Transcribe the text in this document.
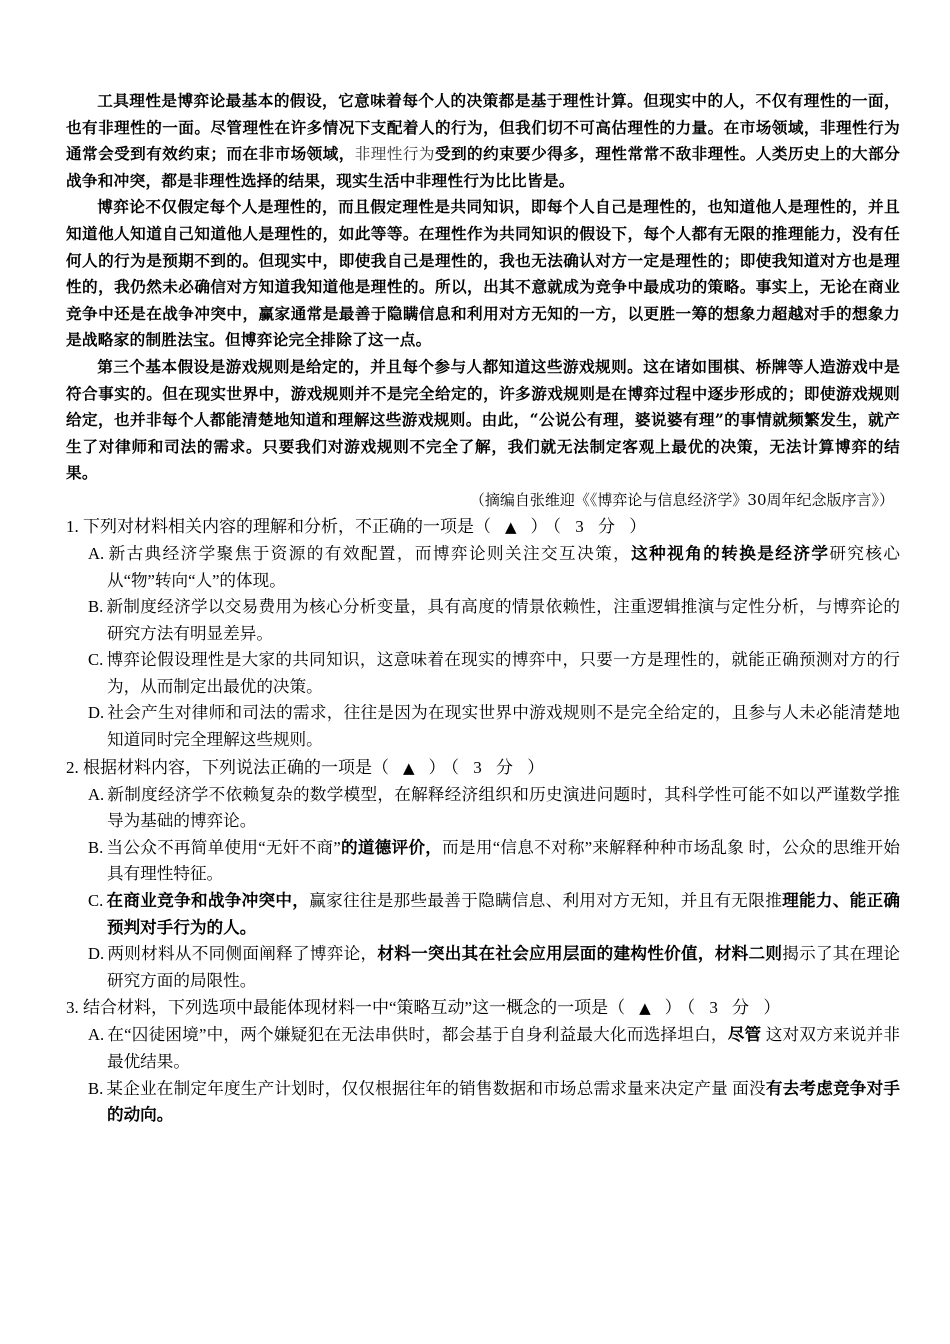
工具理性是博弈论最基本的假设，它意味着每个人的决策都是基于理性计算。但现实中的人，不仅有理性的一面，也有非理性的一面。尽管理性在许多情况下支配着人的行为，但我们切不可高估理性的力量。在市场领域，非理性行为通常会受到有效约束；而在非市场领域，非理性行为受到的约束要少得多，理性常常不敌非理性。人类历史上的大部分战争和冲突，都是非理性选择的结果，现实生活中非理性行为比比皆是。

博弈论不仅假定每个人是理性的，而且假定理性是共同知识，即每个人自己是理性的，也知道他人是理性的，并且知道他人知道自己知道他人是理性的，如此等等。在理性作为共同知识的假设下，每个人都有无限的推理能力，没有任何人的行为是预期不到的。但现实中，即使我自己是理性的，我也无法确认对方一定是理性的；即使我知道对方也是理性的，我仍然未必确信对方知道我知道他是理性的。所以，出其不意就成为竞争中最成功的策略。事实上，无论在商业竞争中还是在战争冲突中，赢家通常是最善于隐瞒信息和利用对方无知的一方，以更胜一筹的想象力超越对手的想象力是战略家的制胜法宝。但博弈论完全排除了这一点。

第三个基本假设是游戏规则是给定的，并且每个参与人都知道这些游戏规则。这在诸如围棋、桥牌等人造游戏中是符合事实的。但在现实世界中，游戏规则并不是完全给定的，许多游戏规则是在博弈过程中逐步形成的；即使游戏规则给定，也并非每个人都能清楚地知道和理解这些游戏规则。由此，“公说公有理，婆说婆有理”的事情就频繁发生，就产生了对律师和司法的需求。只要我们对游戏规则不完全了解，我们就无法制定客观上最优的决策，无法计算博弈的结果。

（摘编自张维迎《《博弈论与信息经济学》30周年纪念版序言》）

1. 下列对材料相关内容的理解和分析，不正确的一项是（ ▲ ）（ 3 分 ）

A. 新古典经济学聚焦于资源的有效配置，而博弈论则关注交互决策，这种视角的转换是经济学研究核心从“物”转向“人”的体现。

B. 新制度经济学以交易费用为核心分析变量，具有高度的情景依赖性，注重逻辑推演与定性分析，与博弈论的研究方法有明显差异。

C. 博弈论假设理性是大家的共同知识，这意味着在现实的博弈中，只要一方是理性的，就能正确预测对方的行为，从而制定出最优的决策。

D. 社会产生对律师和司法的需求，往往是因为在现实世界中游戏规则不是完全给定的，且参与人未必能清楚地知道同时完全理解这些规则。

2. 根据材料内容，下列说法正确的一项是（ ▲ ）（ 3 分 ）

A. 新制度经济学不依赖复杂的数学模型，在解释经济组织和历史演进问题时，其科学性可能不如以严谨数学推导为基础的博弈论。

B. 当公众不再简单使用“无奸不商”的道德评价，而是用“信息不对称”来解释种种市场乱象 时，公众的思维开始具有理性特征。

C. 在商业竞争和战争冲突中，赢家往往是那些最善于隐瞒信息、利用对方无知，并且有无限推理能力、能正确预判对手行为的人。

D. 两则材料从不同侧面阐释了博弈论，材料一突出其在社会应用层面的建构性价值，材料二则揭示了其在理论研究方面的局限性。

3. 结合材料，下列选项中最能体现材料一中“策略互动”这一概念的一项是（ ▲ ）（ 3 分 ）

A. 在“囚徒困境”中，两个嫌疑犯在无法串供时，都会基于自身利益最大化而选择坦白，尽管 这对双方来说并非最优结果。

B. 某企业在制定年度生产计划时，仅仅根据往年的销售数据和市场总需求量来决定产量 面没有去考虑竞争对手的动向。
